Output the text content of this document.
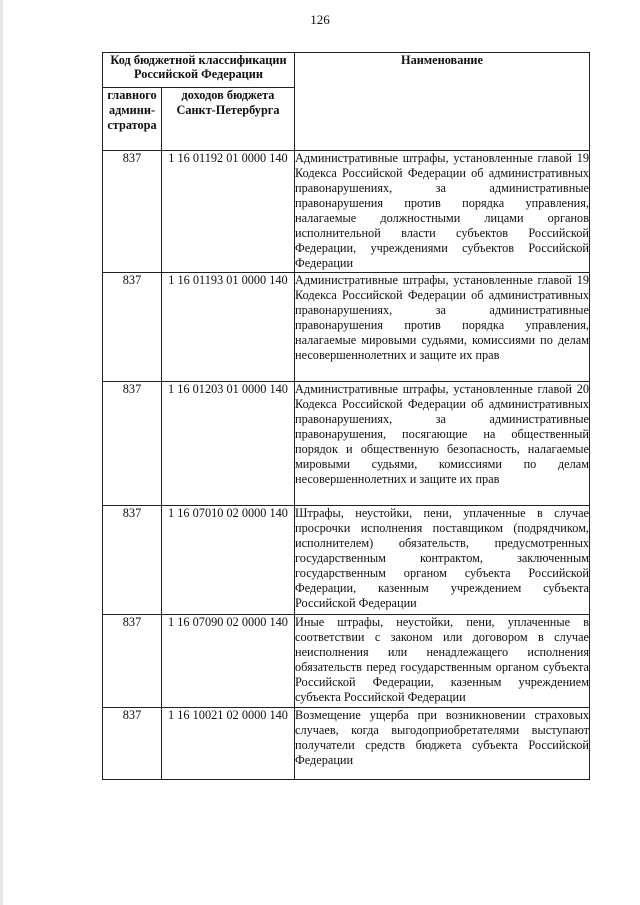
126
Код бюджетной классификации Российской Федерации		Наименование
главного админи-стратора	доходов бюджета Санкт-Петербурга	
837	1 16 01192 01 0000 140	Административные штрафы, установленные главой 19 Кодекса Российской Федерации об административных правонарушениях, за административные правонарушения против порядка управления, налагаемые должностными лицами органов исполнительной власти субъектов Российской Федерации, учреждениями субъектов Российской Федерации
837	1 16 01193 01 0000 140	Административные штрафы, установленные главой 19 Кодекса Российской Федерации об административных правонарушениях, за административные правонарушения против порядка управления, налагаемые мировыми судьями, комиссиями по делам несовершеннолетних и защите их прав
837	1 16 01203 01 0000 140	Административные штрафы, установленные главой 20 Кодекса Российской Федерации об административных правонарушениях, за административные правонарушения, посягающие на общественный порядок и общественную безопасность, налагаемые мировыми судьями, комиссиями по делам несовершеннолетних и защите их прав
837	1 16 07010 02 0000 140	Штрафы, неустойки, пени, уплаченные в случае просрочки исполнения поставщиком (подрядчиком, исполнителем) обязательств, предусмотренных государственным контрактом, заключенным государственным органом субъекта Российской Федерации, казенным учреждением субъекта Российской Федерации
837	1 16 07090 02 0000 140	Иные штрафы, неустойки, пени, уплаченные в соответствии с законом или договором в случае неисполнения или ненадлежащего исполнения обязательств перед государственным органом субъекта Российской Федерации, казенным учреждением субъекта Российской Федерации
837	1 16 10021 02 0000 140	Возмещение ущерба при возникновении страховых случаев, когда выгодоприобретателями выступают получатели средств бюджета субъекта Российской Федерации
